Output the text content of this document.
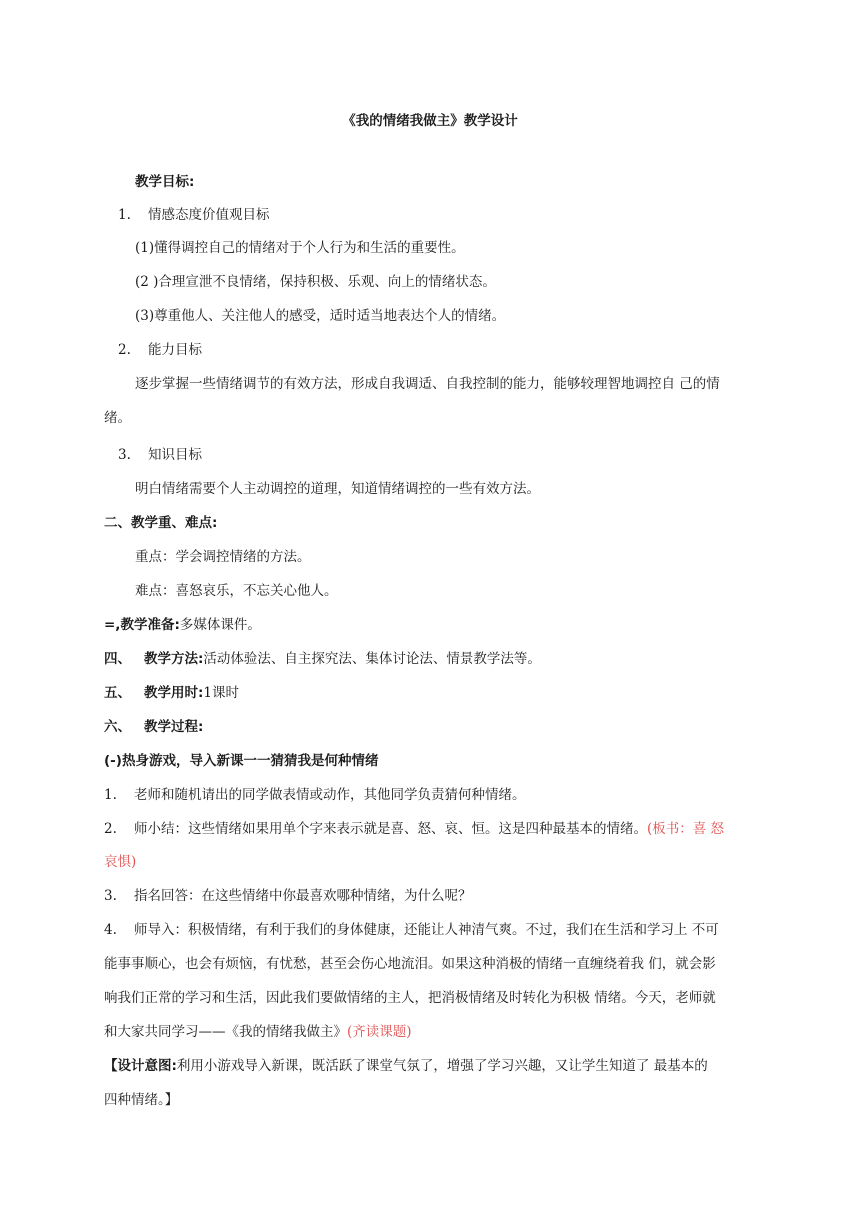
《我的情绪我做主》教学设计
教学目标:
1. 情感态度价值观目标
(1)懂得调控自己的情绪对于个人行为和生活的重要性。
(2 )合理宣泄不良情绪，保持积极、乐观、向上的情绪状态。
(3)尊重他人、关注他人的感受，适时适当地表达个人的情绪。
2. 能力目标
逐步掌握一些情绪调节的有效方法，形成自我调适、自我控制的能力，能够较理智地调控自 己的情
绪。
3. 知识目标
明白情绪需要个人主动调控的道理，知道情绪调控的一些有效方法。
二、教学重、难点:
重点：学会调控情绪的方法。
难点：喜怒哀乐，不忘关心他人。
=,教学准备:多媒体课件。
四、 教学方法:活动体验法、自主探究法、集体讨论法、情景教学法等。
五、 教学用时:1课时
六、 教学过程:
(-)热身游戏，导入新课一一猜猜我是何种情绪
1. 老师和随机请出的同学做表情或动作，其他同学负责猜何种情绪。
2. 师小结：这些情绪如果用单个字来表示就是喜、怒、哀、恒。这是四种最基本的情绪。(板书：喜 怒
哀惧)
3. 指名回答：在这些情绪中你最喜欢哪种情绪，为什么呢？
4. 师导入：积极情绪，有利于我们的身体健康，还能让人神清气爽。不过，我们在生活和学习上 不可
能事事顺心，也会有烦恼，有忧愁，甚至会伤心地流泪。如果这种消极的情绪一直缠绕着我 们，就会影
响我们正常的学习和生活，因此我们要做情绪的主人，把消极情绪及时转化为积极 情绪。今天，老师就
和大家共同学习——《我的情绪我做主》(齐读课题)
【设计意图:利用小游戏导入新课，既活跃了课堂气氛了，增强了学习兴趣，又让学生知道了 最基本的
四种情绪。】
